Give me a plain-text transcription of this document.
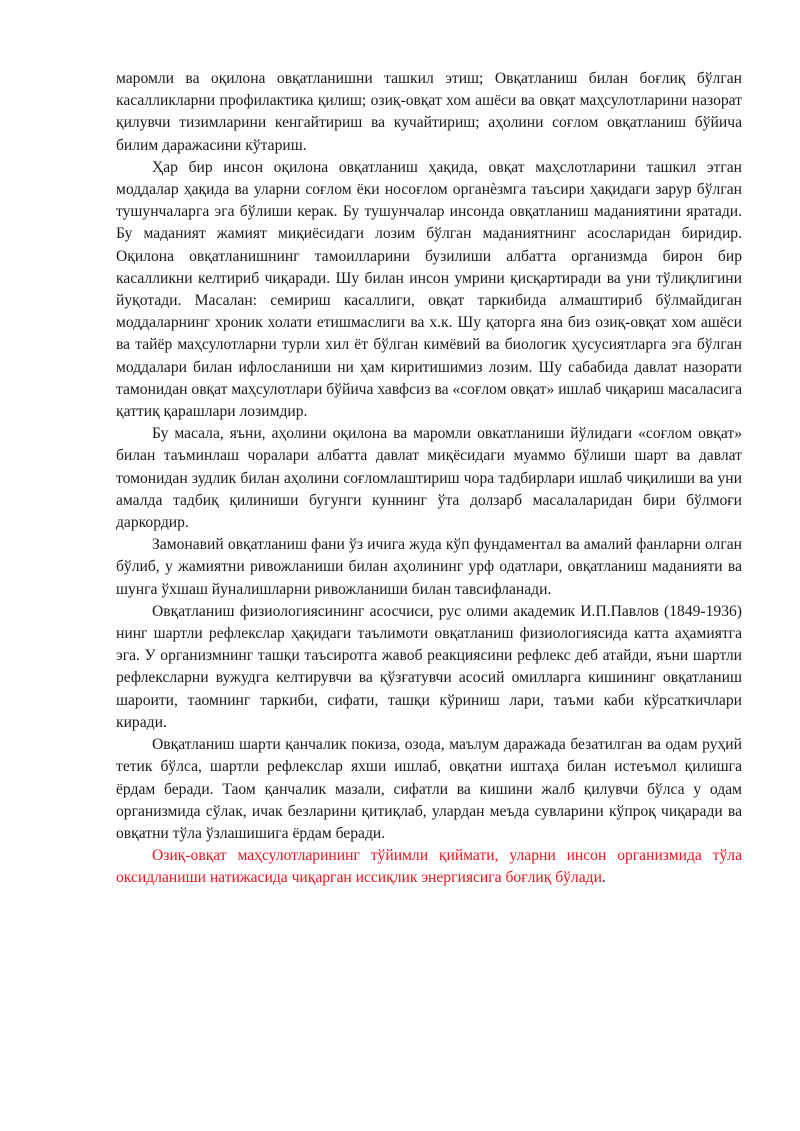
маромли ва оқилона овқатланишни ташкил этиш; Овқатланиш билан боғлиқ бўлган касалликларни профилактика қилиш; озиқ-овқат хом ашёси ва овқат маҳсулотларини назорат қилувчи тизимларини кенгайтириш ва кучайтириш; аҳолини соғлом овқатланиш бўйича билим даражасини кўтариш.

Ҳар бир инсон оқилона овқатланиш ҳақида, овқат маҳслотларини ташкил этган моддалар ҳақида ва уларни соғлом ёки носоғлом органѐзмга таъсири ҳақидаги зарур бўлган тушунчаларга эга бўлиши керак. Бу тушунчалар инсонда овқатланиш маданиятини яратади. Бу маданият жамият миқиёсидаги лозим бўлган маданиятнинг асосларидан биридир. Оқилона овқатланишнинг тамоилларини бузилиши албатта организмда бирон бир касалликни келтириб чиқаради. Шу билан инсон умрини қисқартиради ва уни тўлиқлигини йуқотади. Масалан: семириш касаллиги, овқат таркибида алмаштириб бўлмайдиган моддаларнинг хроник холати етишмаслиги ва х.к. Шу қаторга яна биз озиқ-овқат хом ашёси ва тайёр маҳсулотларни турли хил ёт бўлган кимёвий ва биологик ҳусусиятларга эга бўлган моддалари билан ифлосланиши ни ҳам киритишимиз лозим. Шу сабабида давлат назорати тамонидан овқат маҳсулотлари бўйича хавфсиз ва «соғлом овқат» ишлаб чиқариш масаласига қаттиқ қарашлари лозимдир.

Бу масала, яъни, аҳолини оқилона ва маромли овкатланиши йўлидаги «соғлом овқат» билан таъминлаш чоралари албатта давлат миқёсидаги муаммо бўлиши шарт ва давлат томонидан зудлик билан аҳолини соғломлаштириш чора тадбирлари ишлаб чиқилиши ва уни амалда тадбиқ қилиниши бугунги куннинг ўта долзарб масалаларидан бири бўлмоғи даркордир.

Замонавий овқатланиш фани ўз ичига жуда кўп фундаментал ва амалий фанларни олган бўлиб, у жамиятни ривожланиши билан аҳолининг урф одатлари, овқатланиш маданияти ва шунга ўхшаш йуналишларни ривожланиши билан тавсифланади.

Овқатланиш физиологиясининг асосчиси, рус олими академик И.П.Павлов (1849-1936) нинг шартли рефлекслар ҳақидаги таълимоти овқатланиш физиологиясида катта аҳамиятга эга. У организмнинг ташқи таъсиротга жавоб реакциясини рефлекс деб атайди, яъни шартли рефлексларни вужудга келтирувчи ва қўзғатувчи асосий омилларга кишининг овқатланиш шароити, таомнинг таркиби, сифати, ташқи кўриниш лари, таъми каби кўрсаткичлари киради.

Овқатланиш шарти қанчалик покиза, озода, маълум даражада безатилган ва одам руҳий тетик бўлса, шартли рефлекслар яхши ишлаб, овқатни иштаҳа билан истеъмол қилишга ёрдам беради. Таом қанчалик мазали, сифатли ва кишини жалб қилувчи бўлса у одам организмида сўлак, ичак безларини қитиқлаб, улардан меъда сувларини кўпроқ чиқаради ва овқатни тўла ўзлашишига ёрдам беради.

Озиқ-овқат маҳсулотларининг тўйимли қиймати, уларни инсон организмида тўла оксидланиши натижасида чиқарган иссиқлик энергиясига боғлиқ бўлади.
